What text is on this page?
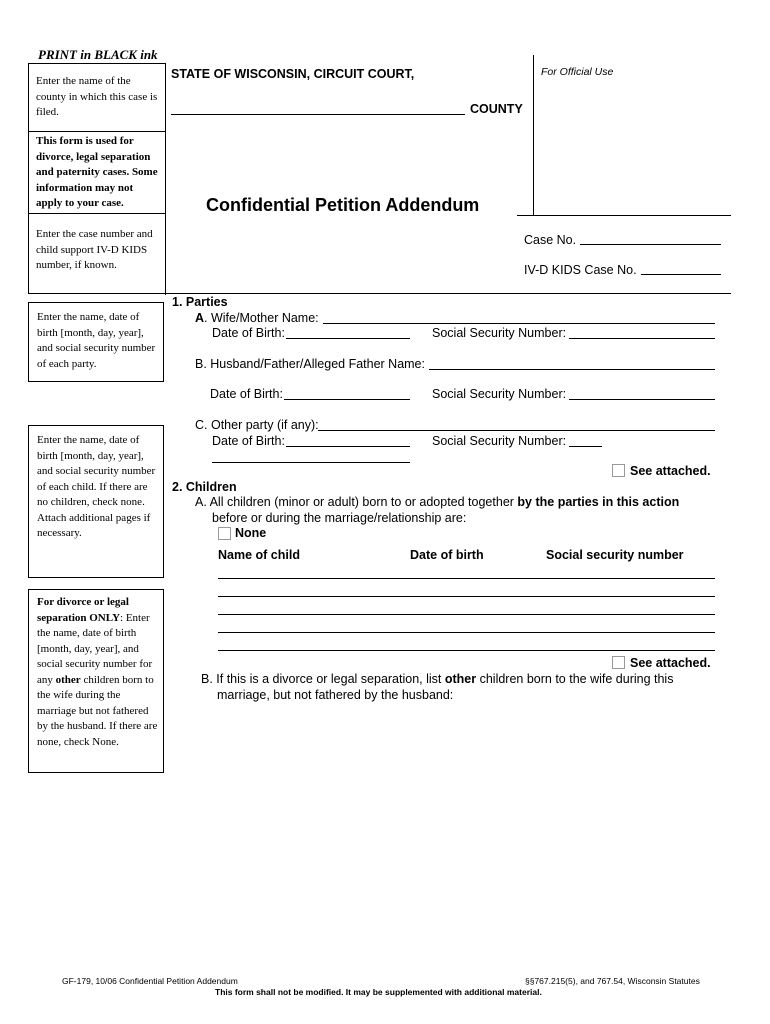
PRINT in BLACK ink
Enter the name of the county in which this case is filed.
This form is used for divorce, legal separation and paternity cases. Some information may not apply to your case.
Enter the case number and child support IV-D KIDS number, if known.
STATE OF WISCONSIN, CIRCUIT COURT,
COUNTY
For Official Use
Confidential Petition Addendum
Case No.
IV-D KIDS Case No.
Enter the name, date of birth [month, day, year], and social security number of each party.
Enter the name, date of birth [month, day, year], and social security number of each child. If there are no children, check none. Attach additional pages if necessary.
For divorce or legal separation ONLY: Enter the name, date of birth [month, day, year], and social security number for any other children born to the wife during the marriage but not fathered by the husband. If there are none, check None.
1. Parties
A. Wife/Mother Name:
Date of Birth:	Social Security Number:
B. Husband/Father/Alleged Father Name:
Date of Birth:	Social Security Number:
C. Other party (if any):
Date of Birth:	Social Security Number:
See attached.
2. Children
A. All children (minor or adult) born to or adopted together by the parties in this action
before or during the marriage/relationship are:
None
Name of child	Date of birth	Social security number
See attached.
B. If this is a divorce or legal separation, list other children born to the wife during this
marriage, but not fathered by the husband:
GF-179, 10/06 Confidential Petition Addendum	§§767.215(5), and 767.54, Wisconsin Statutes
This form shall not be modified. It may be supplemented with additional material.
